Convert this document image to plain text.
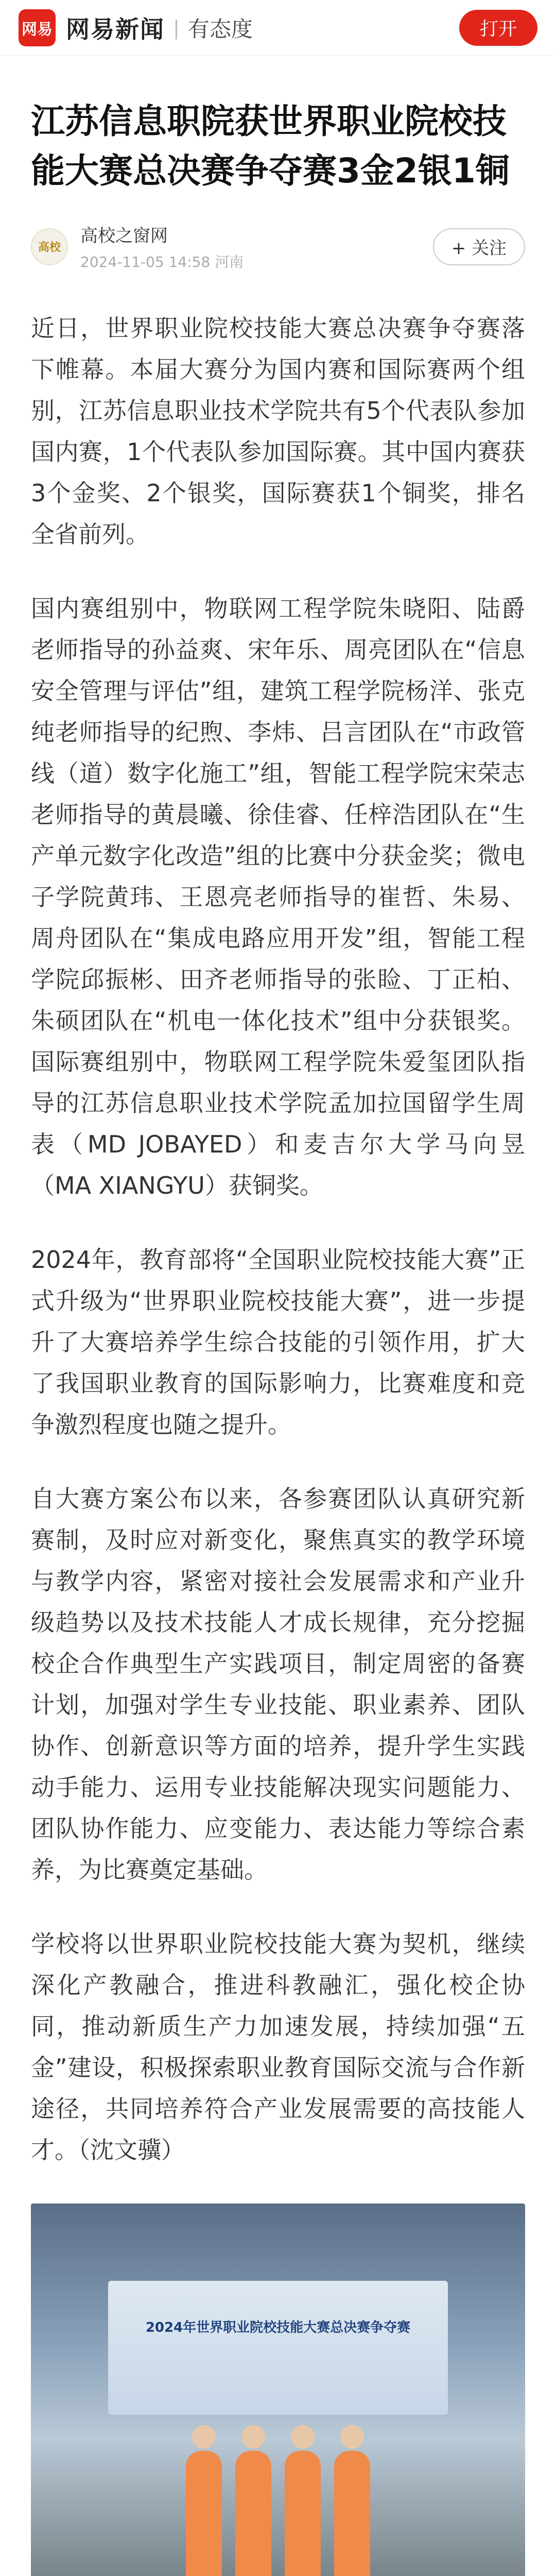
网易 网易新闻 | 有态度	打开
江苏信息职院获世界职业院校技能大赛总决赛争夺赛3金2银1铜
高校
高校之窗网
2024-11-05 14:58 河南
+ 关注

近日，世界职业院校技能大赛总决赛争夺赛落下帷幕。本届大赛分为国内赛和国际赛两个组别，江苏信息职业技术学院共有5个代表队参加国内赛，1个代表队参加国际赛。其中国内赛获3个金奖、2个银奖，国际赛获1个铜奖，排名全省前列。

国内赛组别中，物联网工程学院朱晓阳、陆爵老师指导的孙益爽、宋年乐、周亮团队在“信息安全管理与评估”组，建筑工程学院杨洋、张克纯老师指导的纪煦、李炜、吕言团队在“市政管线（道）数字化施工”组，智能工程学院宋荣志老师指导的黄晨曦、徐佳睿、任梓浩团队在“生产单元数字化改造”组的比赛中分获金奖；微电子学院黄玮、王恩亮老师指导的崔哲、朱易、周舟团队在“集成电路应用开发”组，智能工程学院邱振彬、田齐老师指导的张睑、丁正柏、朱硕团队在“机电一体化技术”组中分获银奖。国际赛组别中，物联网工程学院朱爱玺团队指导的江苏信息职业技术学院孟加拉国留学生周表（MD JOBAYED）和麦吉尔大学马向昱（MA XIANGYU）获铜奖。

2024年，教育部将“全国职业院校技能大赛”正式升级为“世界职业院校技能大赛”，进一步提升了大赛培养学生综合技能的引领作用，扩大了我国职业教育的国际影响力，比赛难度和竞争激烈程度也随之提升。

自大赛方案公布以来，各参赛团队认真研究新赛制，及时应对新变化，聚焦真实的教学环境与教学内容，紧密对接社会发展需求和产业升级趋势以及技术技能人才成长规律，充分挖掘校企合作典型生产实践项目，制定周密的备赛计划，加强对学生专业技能、职业素养、团队协作、创新意识等方面的培养，提升学生实践动手能力、运用专业技能解决现实问题能力、团队协作能力、应变能力、表达能力等综合素养，为比赛奠定基础。

学校将以世界职业院校技能大赛为契机，继续深化产教融合，推进科教融汇，强化校企协同，推动新质生产力加速发展，持续加强“五金”建设，积极探索职业教育国际交流与合作新途径，共同培养符合产业发展需要的高技能人才。（沈文骥）

2024年世界职业院校技能大赛总决赛争夺赛
